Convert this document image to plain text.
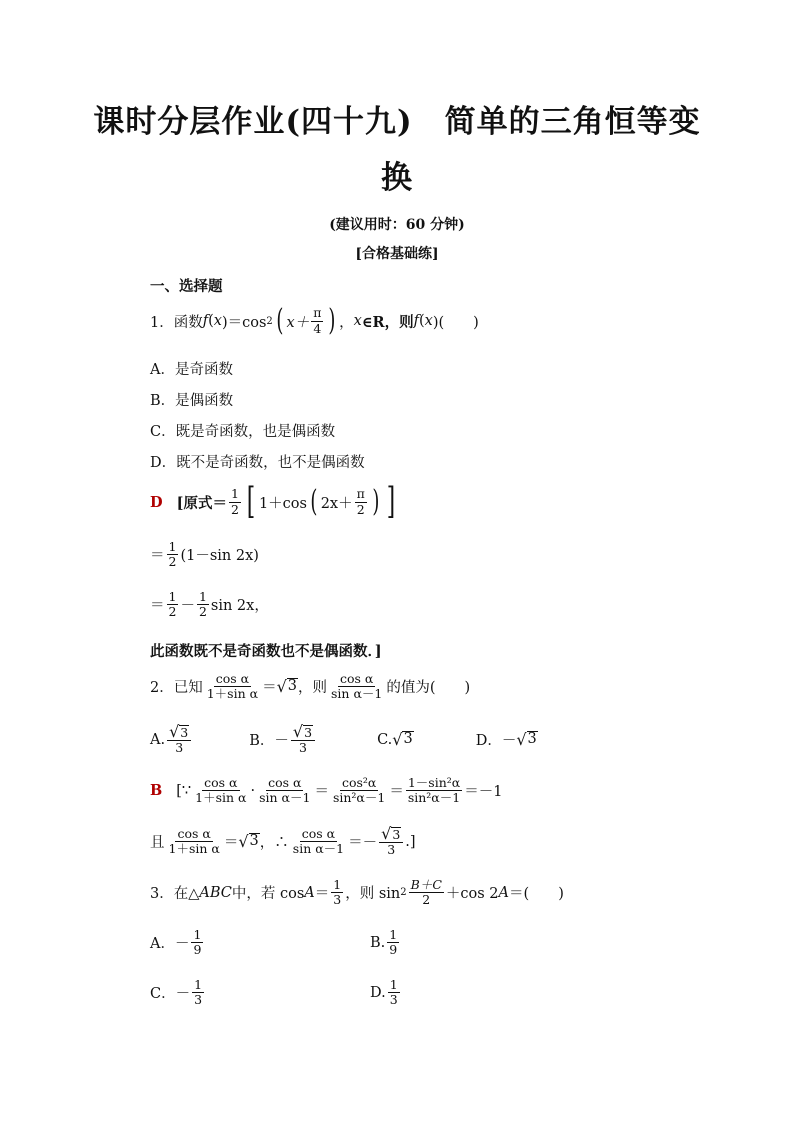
课时分层作业(四十九)　简单的三角恒等变
换
(建议用时：60 分钟)
[合格基础练]
一、选择题
1．函数 f ( x )＝cos 2 ( $x+ \frac{\pi}{4}$ ) ， x ∈R，则 f ( x )(　　)
A．是奇函数
B．是偶函数
C．既是奇函数，也是偶函数
D．既不是奇函数，也不是偶函数
D [原式＝ $\frac{1}{2}$ [ 1＋cos ( $2x+ \frac{\pi}{2}$ ) ]
＝ $\frac{1}{2} (1-\sin$ 2x)
＝ $\frac{1}{2} - \frac{1}{2}$ sin 2x，
此函数既不是奇函数也不是偶函数．]
2．已知 $\frac{\text{cos α}}{\text{1＋sin α}}$ ＝ √ 3 ，则 $\frac{\text{cos α}}{\text{sin α－1}}$ 的值为(　　)
A. $\frac{√ 3}{3}$	B．－ $\frac{√ 3}{3}$	C. √ 3	D．－ √ 3
B [∵ $\frac{\text{cos α}}{\text{1＋sin α}} \cdot \frac{\text{cos α}}{\text{sin α－1}} = \frac{\text{cos²α}}{\text{sin²α－1}} = \frac{\text{1－sin²α}}{\text{sin²α－1}} =-1$
且 $\frac{\text{cos α}}{\text{1＋sin α}}$ ＝ √ 3 ，∴ $\frac{\text{cos α}}{\text{sin α－1}} =- \frac{√ 3}{3}$ .]
3．在△ ABC 中，若 $\cos A = \frac{1}{3}$ ，则 $\sin 2 \frac{B+C}{2} +\cos$ 2 A ＝(　　)
A．－ $\frac{1}{9}$	B. $\frac{1}{9}$
C．－ $\frac{1}{3}$	D. $\frac{1}{3}$
